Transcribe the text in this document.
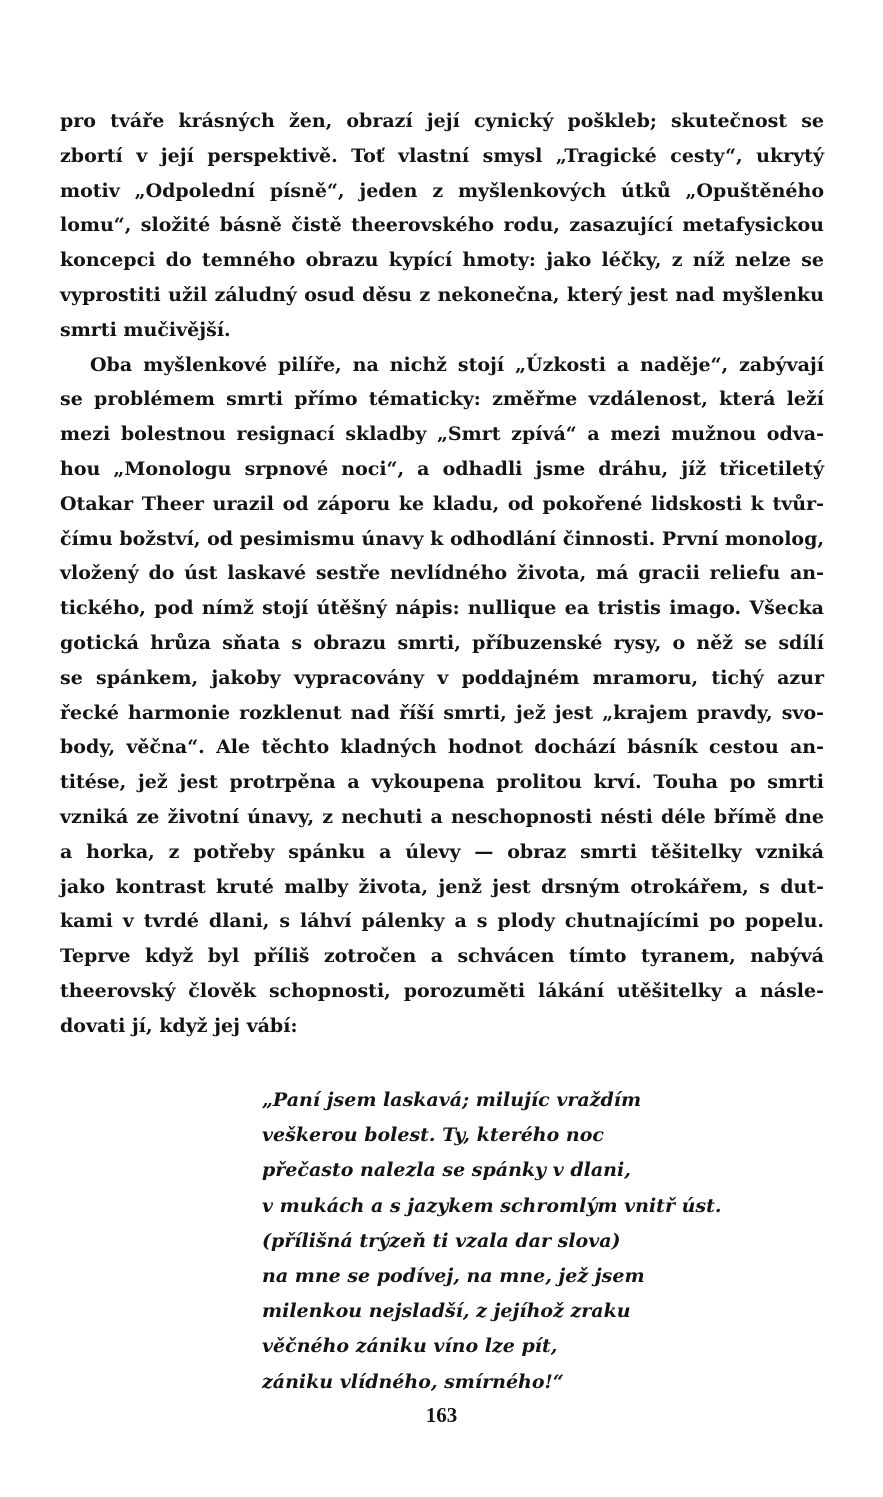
pro tváře krásných žen, obrazí její cynický poškleb; skutečnost se
zbortí v její perspektivě. Toť vlastní smysl „Tragické cesty“, ukrytý
motiv „Odpolední písně“, jeden z myšlenkových útků „Opuštěného
lomu“, složité básně čistě theerovského rodu, zasazující metafysickou
koncepci do temného obrazu kypící hmoty: jako léčky, z níž nelze se
vyprostiti užil záludný osud děsu z nekonečna, který jest nad myšlenku
smrti mučivější.
Oba myšlenkové pilíře, na nichž stojí „Úzkosti a naděje“, zabývají
se problémem smrti přímo tématicky: změřme vzdálenost, která leží
mezi bolestnou resignací skladby „Smrt zpívá“ a mezi mužnou odva-
hou „Monologu srpnové noci“, a odhadli jsme dráhu, jíž třicetiletý
Otakar Theer urazil od záporu ke kladu, od pokořené lidskosti k tvůr-
čímu božství, od pesimismu únavy k odhodlání činnosti. První monolog,
vložený do úst laskavé sestře nevlídného života, má gracii reliefu an-
tického, pod nímž stojí útěšný nápis: nullique ea tristis imago. Všecka
gotická hrůza sňata s obrazu smrti, příbuzenské rysy, o něž se sdílí
se spánkem, jakoby vypracovány v poddajném mramoru, tichý azur
řecké harmonie rozklenut nad říší smrti, jež jest „krajem pravdy, svo-
body, věčna“. Ale těchto kladných hodnot dochází básník cestou an-
titése, jež jest protrpěna a vykoupena prolitou krví. Touha po smrti
vzniká ze životní únavy, z nechuti a neschopnosti nésti déle břímě dne
a horka, z potřeby spánku a úlevy — obraz smrti těšitelky vzniká
jako kontrast kruté malby života, jenž jest drsným otrokářem, s dut-
kami v tvrdé dlani, s láhví pálenky a s plody chutnajícími po popelu.
Teprve když byl příliš zotročen a schvácen tímto tyranem, nabývá
theerovský člověk schopnosti, porozuměti lákání utěšitelky a násle-
dovati jí, když jej vábí:
„Paní jsem laskavá; milujíc vraždím
veškerou bolest. Ty, kterého noc
přečasto nalezla se spánky v dlani,
v mukách a s jazykem schromlým vnitř úst.
(přílišná trýzeň ti vzala dar slova)
na mne se podívej, na mne, jež jsem
milenkou nejsladší, z jejíhož zraku
věčného zániku víno lze pít,
zániku vlídného, smírného!“
163
